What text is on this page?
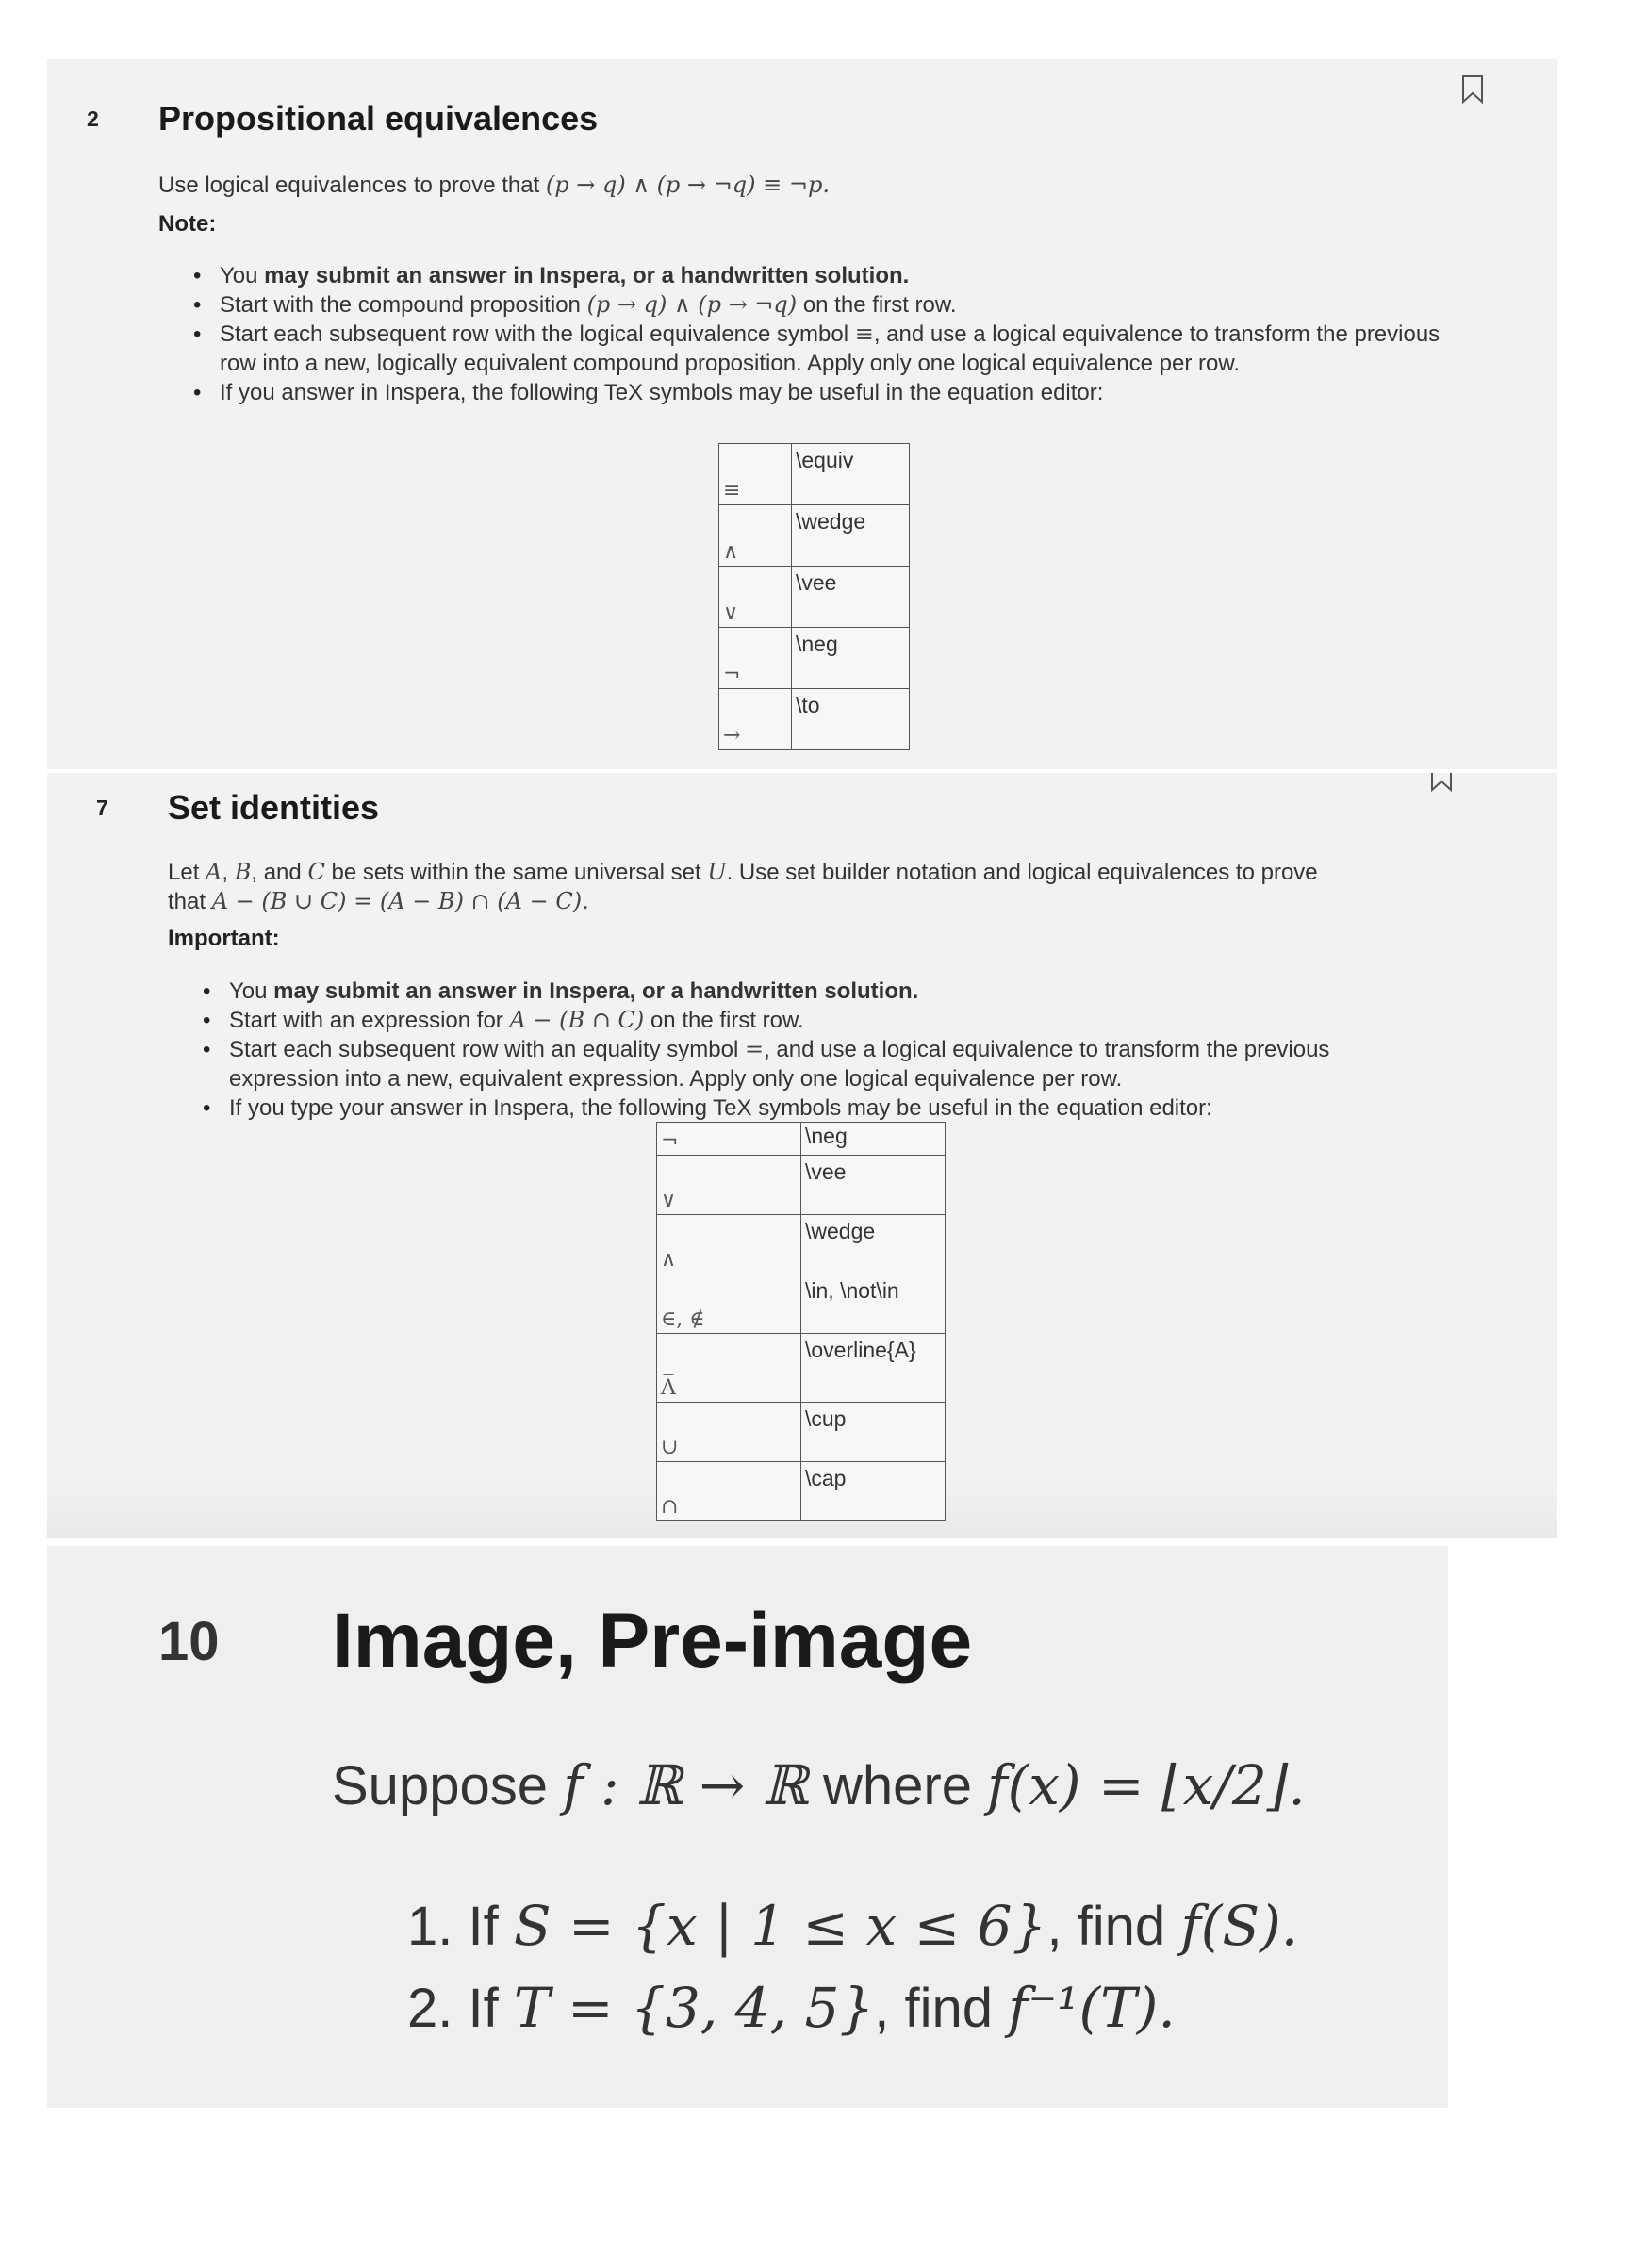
2 Propositional equivalences

Use logical equivalences to prove that (p → q) ∧ (p → ¬q) ≡ ¬p.

Note:

• You may submit an answer in Inspera, or a handwritten solution.
• Start with the compound proposition (p → q) ∧ (p → ¬q) on the first row.
• Start each subsequent row with the logical equivalence symbol ≡, and use a logical equivalence to transform the previous row into a new, logically equivalent compound proposition. Apply only one logical equivalence per row.
• If you answer in Inspera, the following TeX symbols may be useful in the equation editor:
≡	\equiv

∧	\wedge

∨	\vee

¬	\neg

→	\to
7 Set identities

Let A, B, and C be sets within the same universal set U. Use set builder notation and logical equivalences to prove
that A − (B ∪ C) = (A − B) ∩ (A − C).

Important:

• You may submit an answer in Inspera, or a handwritten solution.
• Start with an expression for A − (B ∩ C) on the first row.
• Start each subsequent row with an equality symbol =, and use a logical equivalence to transform the previous expression into a new, equivalent expression. Apply only one logical equivalence per row.
• If you type your answer in Inspera, the following TeX symbols may be useful in the equation editor:
¬	\neg

∨	\vee

∧	\wedge

∈, ∉	\in, \not\in

A̅	\overline{A}

∪	\cup

∩	\cap
10 Image, Pre-image

Suppose f : ℝ → ℝ where f(x) = ⌊x/2⌋.

1. If S = {x | 1 ≤ x ≤ 6}, find f(S).
2. If T = {3, 4, 5}, find f⁻¹(T).
